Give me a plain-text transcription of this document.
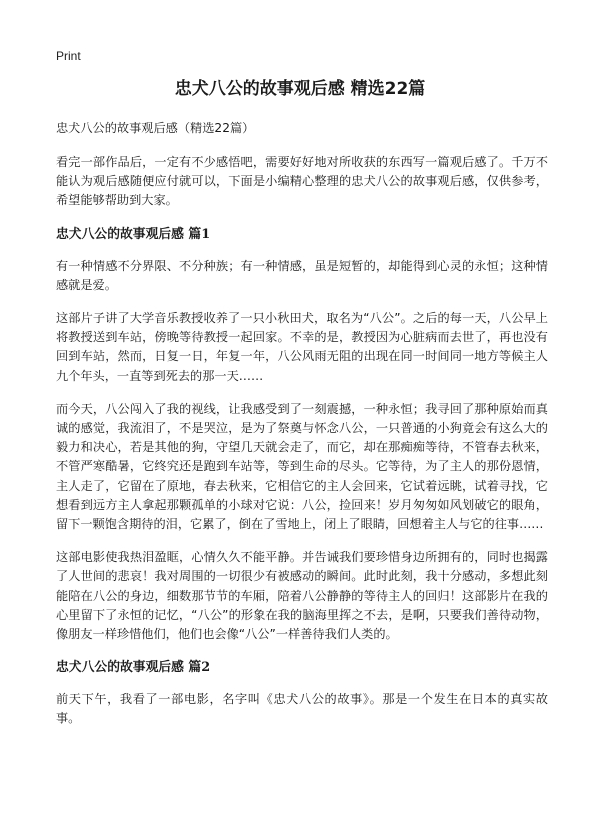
Print
忠犬八公的故事观后感 精选22篇
忠犬八公的故事观后感（精选22篇）

看完一部作品后，一定有不少感悟吧，需要好好地对所收获的东西写一篇观后感了。千万不能认为观后感随便应付就可以，下面是小编精心整理的忠犬八公的故事观后感，仅供参考，希望能够帮助到大家。

忠犬八公的故事观后感 篇1

有一种情感不分界限、不分种族；有一种情感，虽是短暂的，却能得到心灵的永恒；这种情感就是爱。

这部片子讲了大学音乐教授收养了一只小秋田犬，取名为“八公”。之后的每一天，八公早上将教授送到车站，傍晚等待教授一起回家。不幸的是，教授因为心脏病而去世了，再也没有回到车站，然而，日复一日，年复一年，八公风雨无阻的出现在同一时间同一地方等候主人九个年头，一直等到死去的那一天……

而今天，八公闯入了我的视线，让我感受到了一刻震撼，一种永恒；我寻回了那种原始而真诚的感觉，我流泪了，不是哭泣，是为了祭奠与怀念八公，一只普通的小狗竟会有这么大的毅力和决心，若是其他的狗，守望几天就会走了，而它，却在那痴痴等待，不管春去秋来，不管严寒酷暑，它终究还是跑到车站等，等到生命的尽头。它等待，为了主人的那份恩情，主人走了，它留在了原地，春去秋来，它相信它的主人会回来，它试着远眺，试着寻找，它想看到远方主人拿起那颗孤单的小球对它说：八公，捡回来！岁月匆匆如风划破它的眼角，留下一颗饱含期待的泪，它累了，倒在了雪地上，闭上了眼睛，回想着主人与它的往事……

这部电影使我热泪盈眶，心情久久不能平静。并告诫我们要珍惜身边所拥有的，同时也揭露了人世间的悲哀！我对周围的一切很少有被感动的瞬间。此时此刻，我十分感动，多想此刻能陪在八公的身边，细数那节节的车厢，陪着八公静静的等待主人的回归！这部影片在我的心里留下了永恒的记忆，“八公”的形象在我的脑海里挥之不去，是啊，只要我们善待动物，像朋友一样珍惜他们，他们也会像“八公”一样善待我们人类的。

忠犬八公的故事观后感 篇2

前天下午，我看了一部电影，名字叫《忠犬八公的故事》。那是一个发生在日本的真实故事。
